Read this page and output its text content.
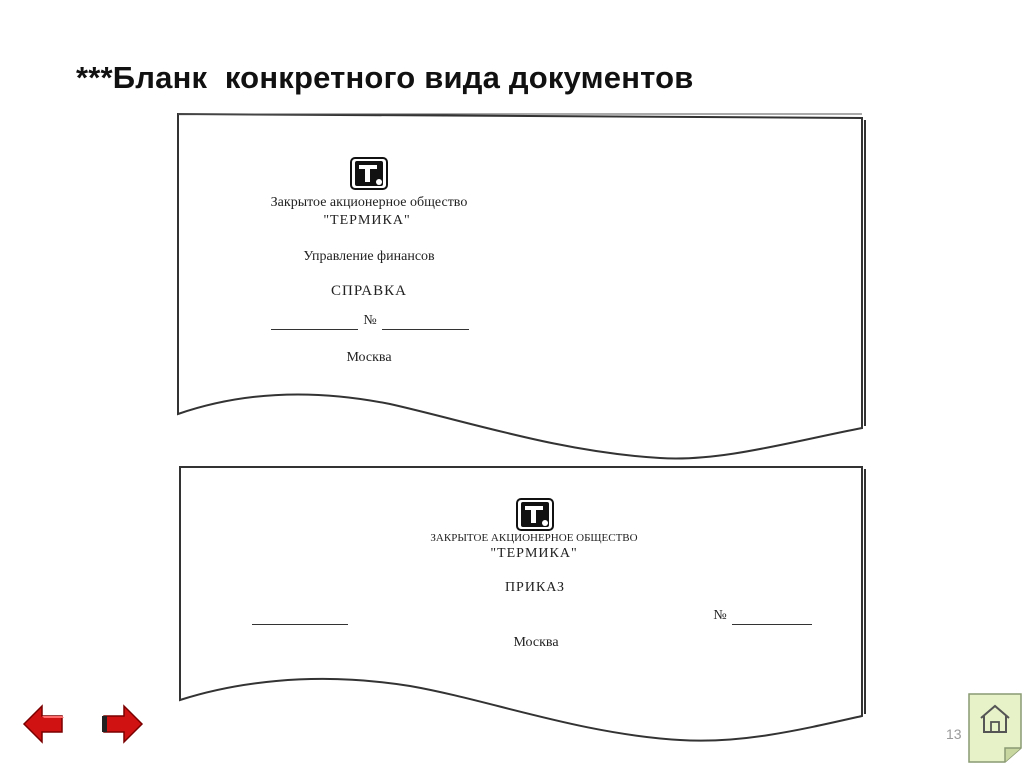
***Бланк  конкретного вида документов
Закрытое акционерное общество
"ТЕРМИКА"
Управление финансов
СПРАВКА
№
Москва
ЗАКРЫТОЕ АКЦИОНЕРНОЕ ОБЩЕСТВО
"ТЕРМИКА"
ПРИКАЗ
№
Москва
13
